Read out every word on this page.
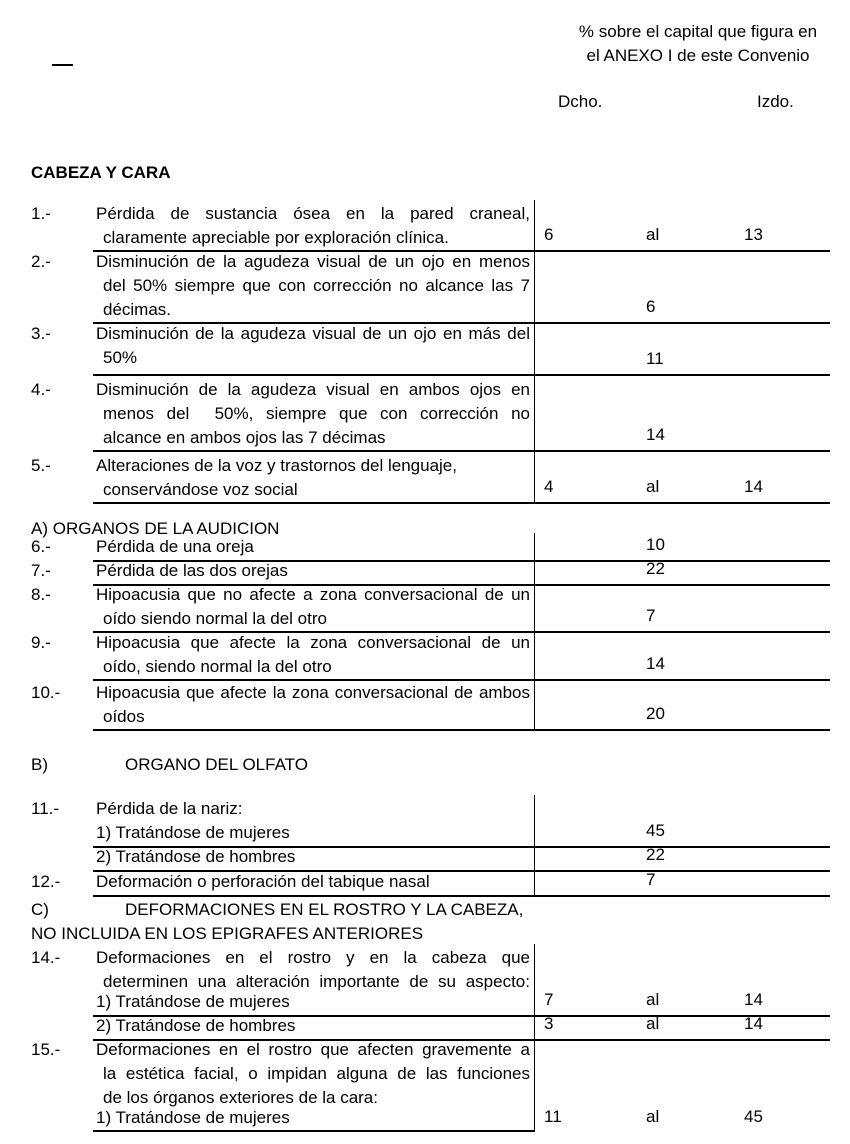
% sobre el capital que figura en
el ANEXO I de este Convenio
Dcho.	Izdo.
CABEZA Y CARA
1.-	Pérdida de sustancia ósea en la pared craneal,
claramente apreciable por exploración clínica.	6	al	13
2.-	Disminución de la agudeza visual de un ojo en menos
del 50% siempre que con corrección no alcance las 7
décimas.	6
3.-	Disminución de la agudeza visual de un ojo en más del
50%	11
4.-	Disminución de la agudeza visual en ambos ojos en
menos del  50%, siempre que con corrección no
alcance en ambos ojos las 7 décimas	14
5.-	Alteraciones de la voz y trastornos del lenguaje,
conservándose voz social	4	al	14
A) ORGANOS DE LA AUDICION
6.-	Pérdida de una oreja	10
7.-	Pérdida de las dos orejas	22
8.-	Hipoacusia que no afecte a zona conversacional de un
oído siendo normal la del otro	7
9.-	Hipoacusia que afecte la zona conversacional de un
oído, siendo normal la del otro	14
10.-	Hipoacusia que afecte la zona conversacional de ambos
oídos	20
B)	ORGANO DEL OLFATO
11.-	Pérdida de la nariz:
1) Tratándose de mujeres	45
2) Tratándose de hombres	22
12.-	Deformación o perforación del tabique nasal	7
C)	DEFORMACIONES EN EL ROSTRO Y LA CABEZA,
NO INCLUIDA EN LOS EPIGRAFES ANTERIORES
14.-	Deformaciones en el rostro y en la cabeza que
determinen una alteración importante de su aspecto:
1) Tratándose de mujeres	7	al	14
2) Tratándose de hombres	3	al	14
15.-	Deformaciones en el rostro que afecten gravemente a
la estética facial, o impidan alguna de las funciones
de los órganos exteriores de la cara:
1) Tratándose de mujeres	11	al	45
